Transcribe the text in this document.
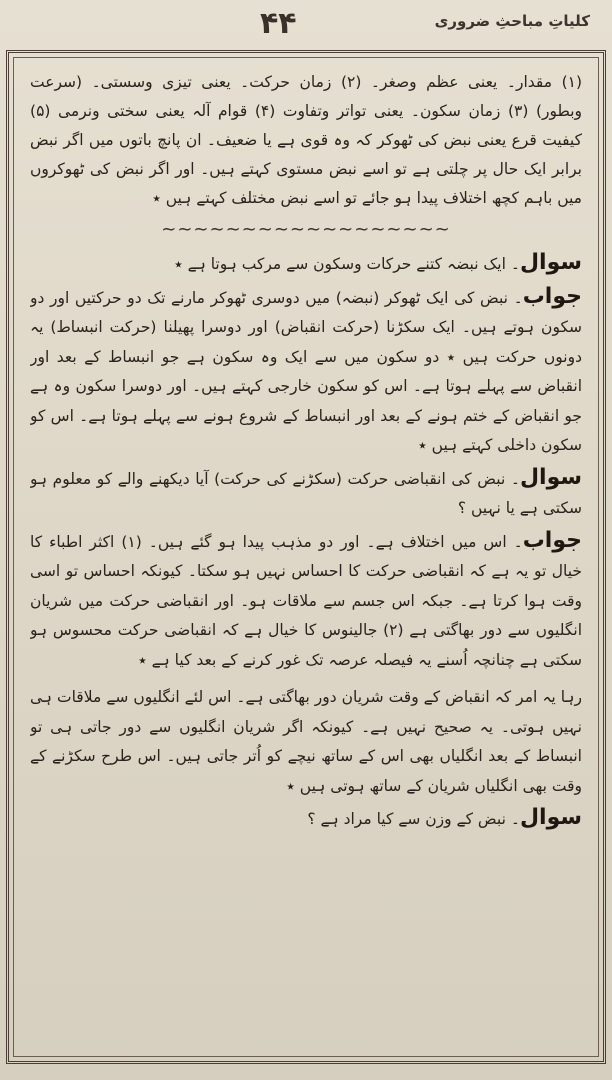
۴۴	کلیاتِ مباحثِ ضروری

(۱) مقدار۔ یعنی عظم وصغر۔ (۲) زمان حرکت۔ یعنی تیزی وسستی۔ (سرعت وبطور) (۳) زمان سکون۔ یعنی تواتر وتفاوت (۴) قوام آلہ یعنی سختی ونرمی (۵) کیفیت قرع یعنی نبض کی ٹھوکر کہ وہ قوی ہے یا ضعیف۔ ان پانچ باتوں میں اگر نبض برابر ایک حال پر چلتی ہے تو اسے نبض مستوی کہتے ہیں۔ اور اگر نبض کی ٹھوکروں میں باہم کچھ اختلاف پیدا ہو جائے تو اسے نبض مختلف کہتے ہیں ٭

~~~~~~~~~~~~~~~~~~

سوال۔ ایک نبضہ کتنے حرکات وسکون سے مرکب ہوتا ہے ٭

جواب۔ نبض کی ایک ٹھوکر (نبضہ) میں دوسری ٹھوکر مارنے تک دو حرکتیں اور دو سکون ہوتے ہیں۔ ایک سکڑنا (حرکت انقباض) اور دوسرا پھیلنا (حرکت انبساط) یہ دونوں حرکت ہیں ٭ دو سکون میں سے ایک وہ سکون ہے جو انبساط کے بعد اور انقباض سے پہلے ہوتا ہے۔ اس کو سکون خارجی کہتے ہیں۔ اور دوسرا سکون وہ ہے جو انقباض کے ختم ہونے کے بعد اور انبساط کے شروع ہونے سے پہلے ہوتا ہے۔ اس کو سکون داخلی کہتے ہیں ٭

سوال۔ نبض کی انقباضی حرکت (سکڑنے کی حرکت) آیا دیکھنے والے کو معلوم ہو سکتی ہے یا نہیں ؟

جواب۔ اس میں اختلاف ہے۔ اور دو مذہب پیدا ہو گئے ہیں۔ (۱) اکثر اطباء کا خیال تو یہ ہے کہ انقباضی حرکت کا احساس نہیں ہو سکتا۔ کیونکہ احساس تو اسی وقت ہوا کرتا ہے۔ جبکہ اس جسم سے ملاقات ہو۔ اور انقباضی حرکت میں شریان انگلیوں سے دور بھاگتی ہے (۲) جالینوس کا خیال ہے کہ انقباضی حرکت محسوس ہو سکتی ہے چنانچہ اُسنے یہ فیصلہ عرصہ تک غور کرنے کے بعد کیا ہے ٭

رہا یہ امر کہ انقباض کے وقت شریان دور بھاگتی ہے۔ اس لئے انگلیوں سے ملاقات ہی نہیں ہوتی۔ یہ صحیح نہیں ہے۔ کیونکہ اگر شریان انگلیوں سے دور جاتی ہی تو انبساط کے بعد انگلیاں بھی اس کے ساتھ نیچے کو اُتر جاتی ہیں۔ اس طرح سکڑنے کے وقت بھی انگلیاں شریان کے ساتھ ہوتی ہیں ٭

سوال۔ نبض کے وزن سے کیا مراد ہے ؟
